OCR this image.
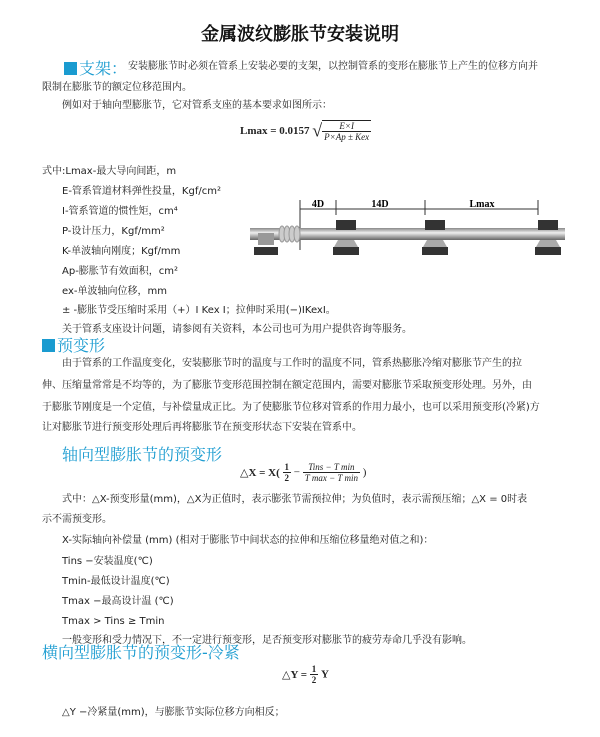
金属波纹膨胀节安装说明
支架： 安装膨胀节时必须在管系上安装必要的支架，以控制管系的变形在膨胀节上产生的位移方向并
限制在膨胀节的额定位移范围内。
例如对于轴向型膨胀节，它对管系支座的基本要求如图所示：
Lmax = 0.0157 √ $\frac{E\times I}{\text{P×Ap ± Kex}}$
式中:Lmax-最大导向间距，m
E-管系管道材料弹性投量，Kgf/cm²
I-管系管道的惯性矩，cm⁴
P-设计压力，Kgf/mm²
K-单波轴向刚度；Kgf/mm
Ap-膨胀节有效面积，cm²
ex-单波轴向位移，mm
± -膨胀节受压缩时采用（+）I Kex I；拉伸时采用(−)IKexI。
关于管系支座设计问题，请参阅有关资料，本公司也可为用户提供咨询等服务。
4D	14D	Lmax
预变形
由于管系的工作温度变化，安装膨胀节时的温度与工作时的温度不同，管系热膨胀冷缩对膨胀节产生的拉
伸、压缩量常常是不均等的，为了膨胀节变形范围控制在额定范围内，需要对膨胀节采取预变形处理。另外，由
于膨胀节刚度是一个定值，与补偿量成正比。为了使膨胀节位移对管系的作用力最小，也可以采用预变形(冷紧)方
让对膨胀节进行预变形处理后再将膨胀节在预变形状态下安装在管系中。
轴向型膨胀节的预变形
△X = $X( \frac{1}{2} - \frac{\text{Tins − T min}}{\text{T max − T min}}$ )
式中：△X-预变形量(mm)，△X为正值时，表示膨张节需预拉伸；为负值时，表示需预压缩；△X = 0时表
示不需预变形。
X-实际轴向补偿量 (mm) (相对于膨胀节中间状态的拉伸和压缩位移量绝对值之和)：
Tins −安装温度(℃)
Tmin-最低设计温度(℃)
Tmax −最高设计温 (℃)
Tmax > Tins ≥ Tmin
一般变形和受力情况下，不一定进行预变形，足否预变形对膨胀节的疲劳寿命几乎没有影响。
横向型膨胀节的预变形-冷紧
△Y = $\frac{1}{2}$ Y
△Y −冷紧量(mm)，与膨胀节实际位移方向相反；
